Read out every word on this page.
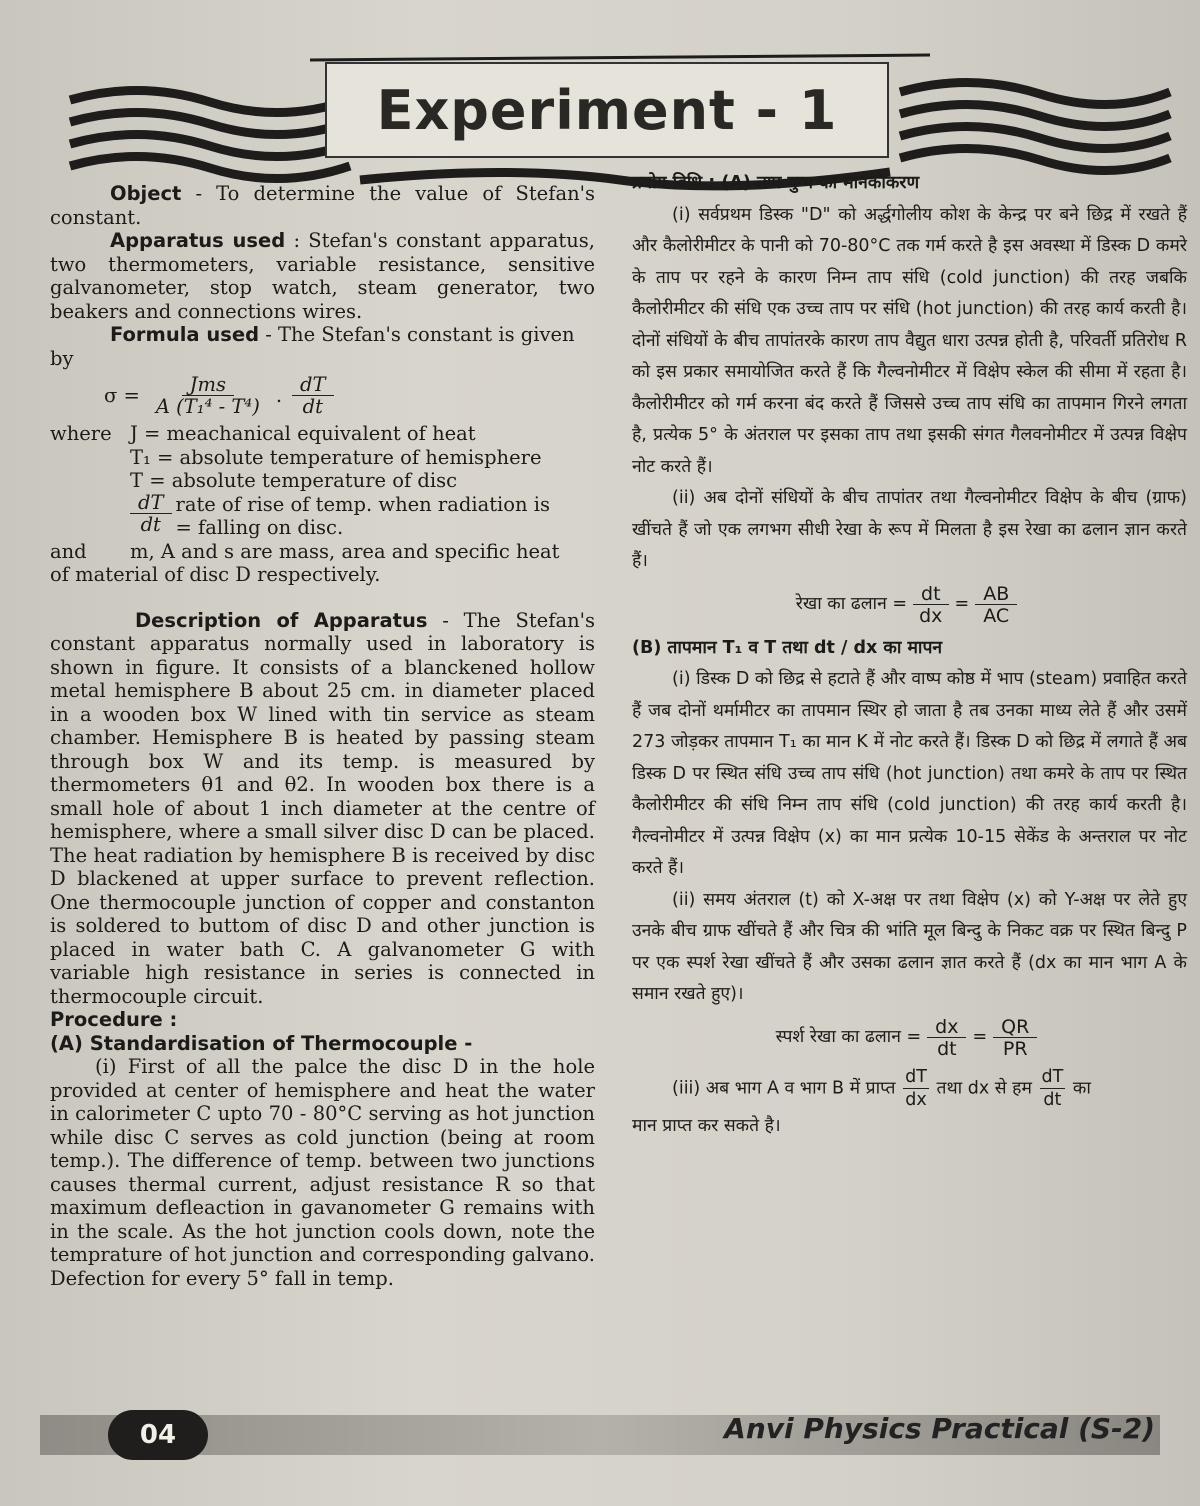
Experiment - 1

Object - To determine the value of Stefan's constant.

Apparatus used : Stefan's constant apparatus, two thermometers, variable resistance, sensitive galvanometer, stop watch, steam generator, two beakers and connections wires.

Formula used - The Stefan's constant is given

by

$\sigma = \frac{\text{Jms}}{\text{A (T₁⁴ - T⁴)}}$ . $\frac{dT}{dt}$
where J = meachanical equivalent of heat

T₁ = absolute temperature of hemisphere

T = absolute temperature of disc

$\frac{dT}{dt}$ rate of rise of temp. when radiation is
= falling on disc.
and	m, A and s are mass, area and specific heat

of material of disc D respectively.

Description of Apparatus - The Stefan's constant apparatus normally used in laboratory is shown in figure. It consists of a blanckened hollow metal hemisphere B about 25 cm. in diameter placed in a wooden box W lined with tin service as steam chamber. Hemisphere B is heated by passing steam through box W and its temp. is measured by thermometers θ1 and θ2. In wooden box there is a small hole of about 1 inch diameter at the centre of hemisphere, where a small silver disc D can be placed. The heat radiation by hemisphere B is received by disc D blackened at upper surface to prevent reflection. One thermocouple junction of copper and constanton is soldered to buttom of disc D and other junction is placed in water bath C. A galvanometer G with variable high resistance in series is connected in thermocouple circuit.

Procedure :

(A) Standardisation of Thermocouple -

(i) First of all the palce the disc D in the hole provided at center of hemisphere and heat the water in calorimeter C upto 70 - 80°C serving as hot junction while disc C serves as cold junction (being at room temp.). The difference of temp. between two junctions causes thermal current, adjust resistance R so that maximum defleaction in gavanometer G remains with in the scale. As the hot junction cools down, note the temprature of hot junction and corresponding galvano. Defection for every 5° fall in temp.

प्रयोग विधि : (A) ताप युग्म का मानकीकरण

(i) सर्वप्रथम डिस्क "D" को अर्द्धगोलीय कोश के केन्द्र पर बने छिद्र में रखते हैं और कैलोरीमीटर के पानी को 70-80°C तक गर्म करते है इस अवस्था में डिस्क D कमरे के ताप पर रहने के कारण निम्न ताप संधि (cold junction) की तरह जबकि कैलोरीमीटर की संधि एक उच्च ताप पर संधि (hot junction) की तरह कार्य करती है। दोनों संधियों के बीच तापांतरके कारण ताप वैद्युत धारा उत्पन्न होती है, परिवर्ती प्रतिरोध R को इस प्रकार समायोजित करते हैं कि गैल्वनोमीटर में विक्षेप स्केल की सीमा में रहता है। कैलोरीमीटर को गर्म करना बंद करते हैं जिससे उच्च ताप संधि का तापमान गिरने लगता है, प्रत्येक 5° के अंतराल पर इसका ताप तथा इसकी संगत गैलवनोमीटर में उत्पन्न विक्षेप नोट करते हैं।

(ii) अब दोनों संधियों के बीच तापांतर तथा गैल्वनोमीटर विक्षेप के बीच (ग्राफ) खींचते हैं जो एक लगभग सीधी रेखा के रूप में मिलता है इस रेखा का ढलान ज्ञान करते हैं।

रेखा का ढलान = $\frac{dt}{dx} = \frac{AB}{AC}$

(B) तापमान T₁ व T तथा dt / dx का मापन

(i) डिस्क D को छिद्र से हटाते हैं और वाष्प कोष्ठ में भाप (steam) प्रवाहित करते हैं जब दोनों थर्मामीटर का तापमान स्थिर हो जाता है तब उनका माध्य लेते हैं और उसमें 273 जोड़कर तापमान T₁ का मान K में नोट करते हैं। डिस्क D को छिद्र में लगाते हैं अब डिस्क D पर स्थित संधि उच्च ताप संधि (hot junction) तथा कमरे के ताप पर स्थित कैलोरीमीटर की संधि निम्न ताप संधि (cold junction) की तरह कार्य करती है। गैल्वनोमीटर में उत्पन्न विक्षेप (x) का मान प्रत्येक 10-15 सेकेंड के अन्तराल पर नोट करते हैं।

(ii) समय अंतराल (t) को X-अक्ष पर तथा विक्षेप (x) को Y-अक्ष पर लेते हुए उनके बीच ग्राफ खींचते हैं और चित्र की भांति मूल बिन्दु के निकट वक्र पर स्थित बिन्दु P पर एक स्पर्श रेखा खींचते हैं और उसका ढलान ज्ञात करते हैं (dx का मान भाग A के समान रखते हुए)।

स्पर्श रेखा का ढलान = $\frac{dx}{dt} = \frac{QR}{PR}$

(iii) अब भाग A व भाग B में प्राप्त $\frac{dT}{dx}$ तथा dx से हम $\frac{dT}{dt}$ का

मान प्राप्त कर सकते है।

04	Anvi Physics Practical (S-2)
